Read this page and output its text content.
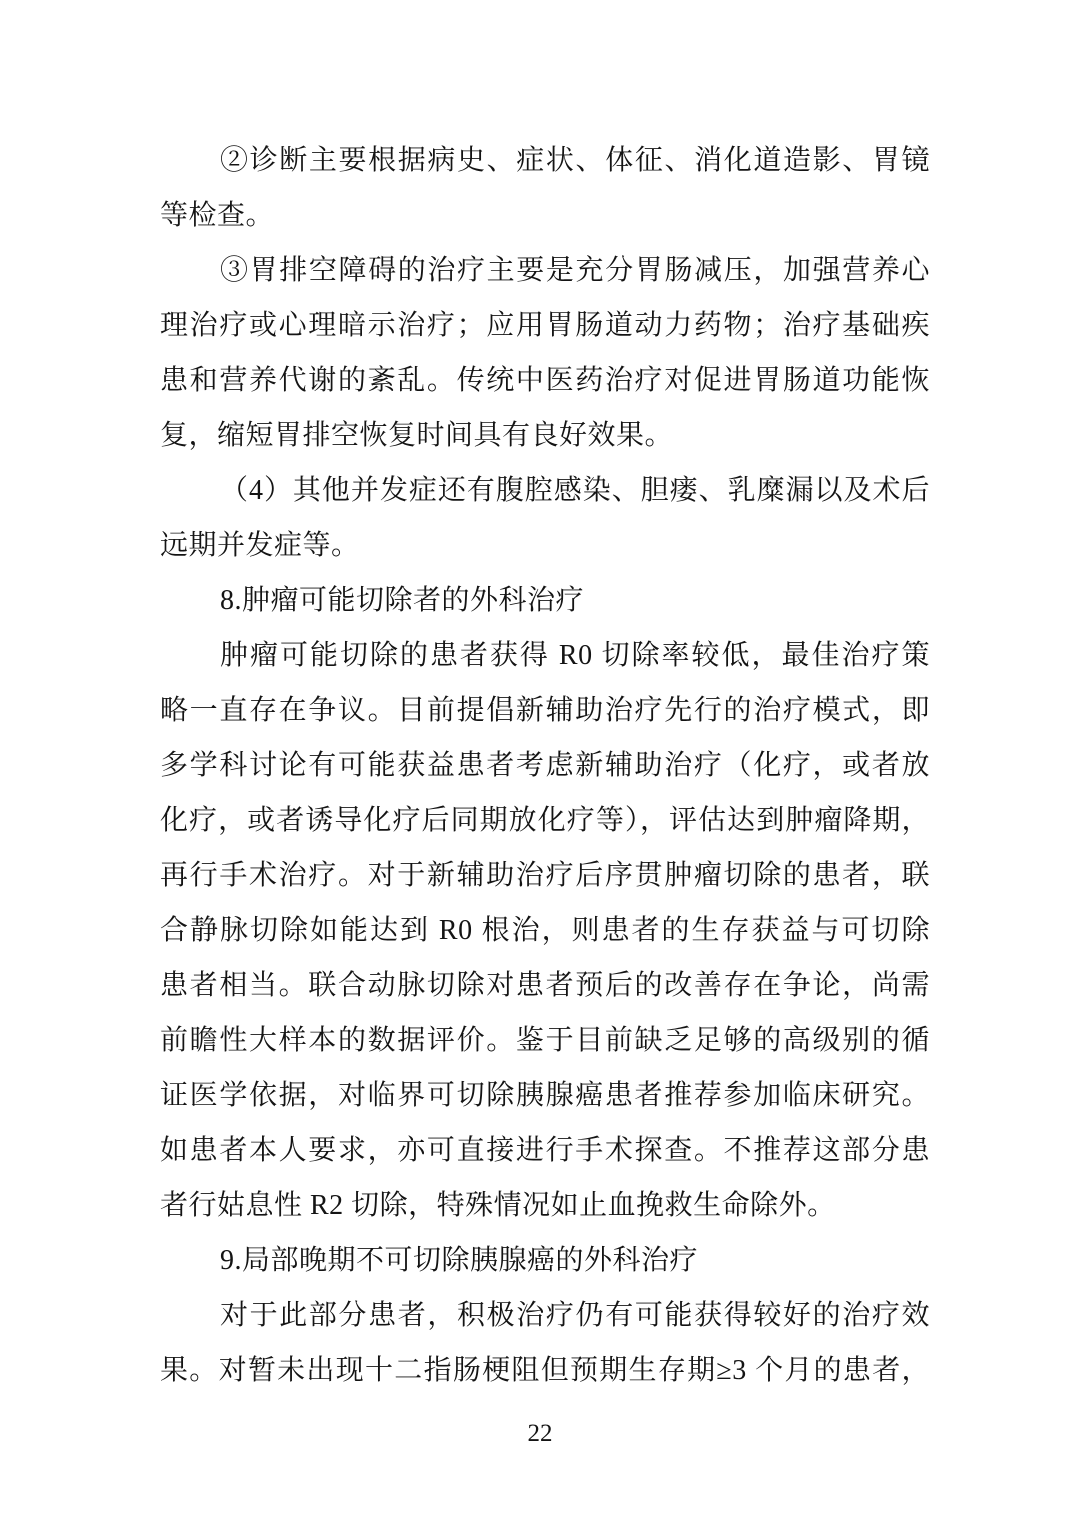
②诊断主要根据病史、症状、体征、消化道造影、胃镜
等检查。
③胃排空障碍的治疗主要是充分胃肠减压，加强营养心
理治疗或心理暗示治疗；应用胃肠道动力药物；治疗基础疾
患和营养代谢的紊乱。传统中医药治疗对促进胃肠道功能恢
复，缩短胃排空恢复时间具有良好效果。
（4）其他并发症还有腹腔感染、胆瘘、乳糜漏以及术后
远期并发症等。
8.肿瘤可能切除者的外科治疗
肿瘤可能切除的患者获得 R0 切除率较低，最佳治疗策
略一直存在争议。目前提倡新辅助治疗先行的治疗模式，即
多学科讨论有可能获益患者考虑新辅助治疗（化疗，或者放
化疗，或者诱导化疗后同期放化疗等），评估达到肿瘤降期，
再行手术治疗。对于新辅助治疗后序贯肿瘤切除的患者，联
合静脉切除如能达到 R0 根治，则患者的生存获益与可切除
患者相当。联合动脉切除对患者预后的改善存在争论，尚需
前瞻性大样本的数据评价。鉴于目前缺乏足够的高级别的循
证医学依据，对临界可切除胰腺癌患者推荐参加临床研究。
如患者本人要求，亦可直接进行手术探查。不推荐这部分患
者行姑息性 R2 切除，特殊情况如止血挽救生命除外。
9.局部晚期不可切除胰腺癌的外科治疗
对于此部分患者，积极治疗仍有可能获得较好的治疗效
果。对暂未出现十二指肠梗阻但预期生存期≥3 个月的患者，
22
